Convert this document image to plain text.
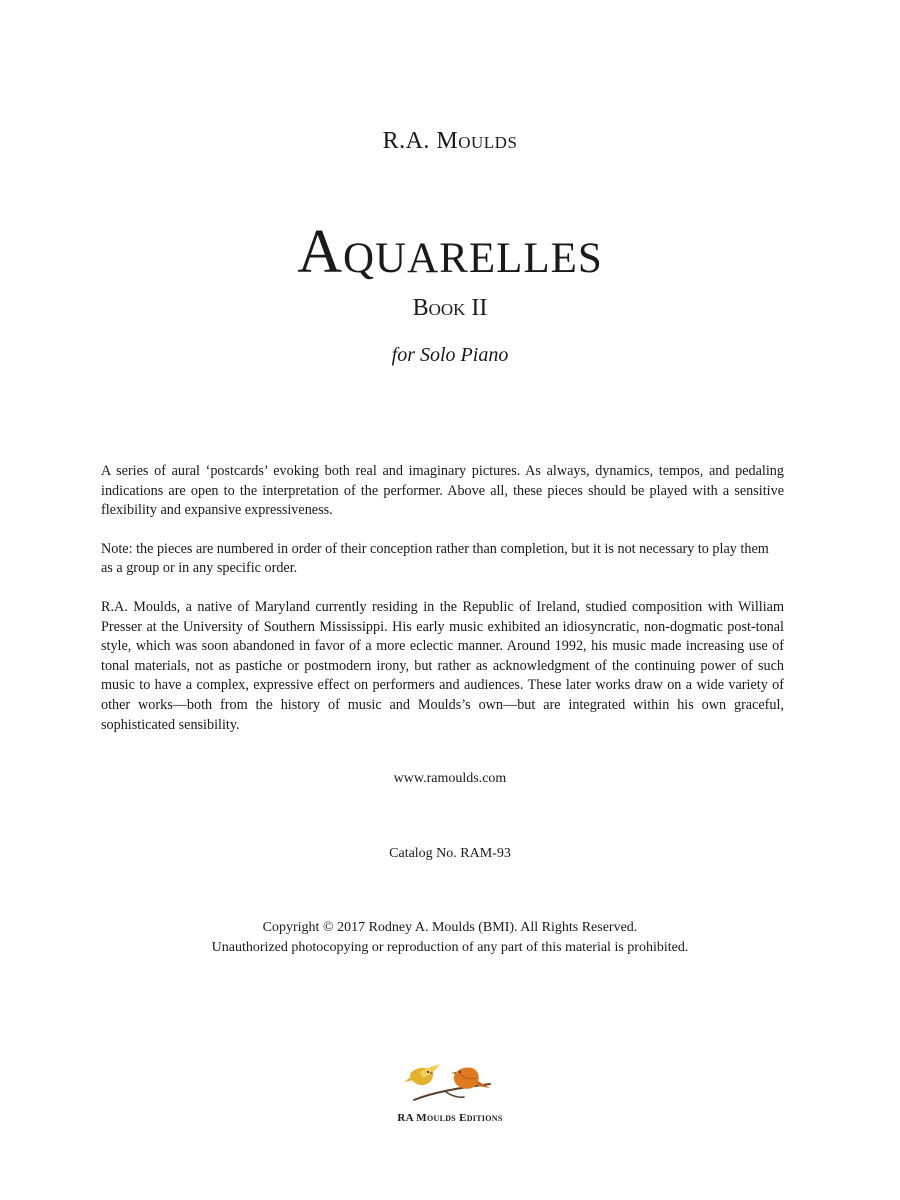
R.A. Moulds
Aquarelles
Book II
for Solo Piano

A series of aural ‘postcards’ evoking both real and imaginary pictures. As always, dynamics, tempos, and pedaling indications are open to the interpretation of the performer. Above all, these pieces should be played with a sensitive flexibility and expansive expressiveness.

Note: the pieces are numbered in order of their conception rather than completion, but it is not necessary to play them as a group or in any specific order.

R.A. Moulds, a native of Maryland currently residing in the Republic of Ireland, studied composition with William Presser at the University of Southern Mississippi. His early music exhibited an idiosyncratic, non-dogmatic post-tonal style, which was soon abandoned in favor of a more eclectic manner. Around 1992, his music made increasing use of tonal materials, not as pastiche or postmodern irony, but rather as acknowledgment of the continuing power of such music to have a complex, expressive effect on performers and audiences. These later works draw on a wide variety of other works—both from the history of music and Moulds’s own—but are integrated within his own graceful, sophisticated sensibility.

www.ramoulds.com
Catalog No. RAM-93
Copyright © 2017 Rodney A. Moulds (BMI). All Rights Reserved.
Unauthorized photocopying or reproduction of any part of this material is prohibited.
RA Moulds Editions
